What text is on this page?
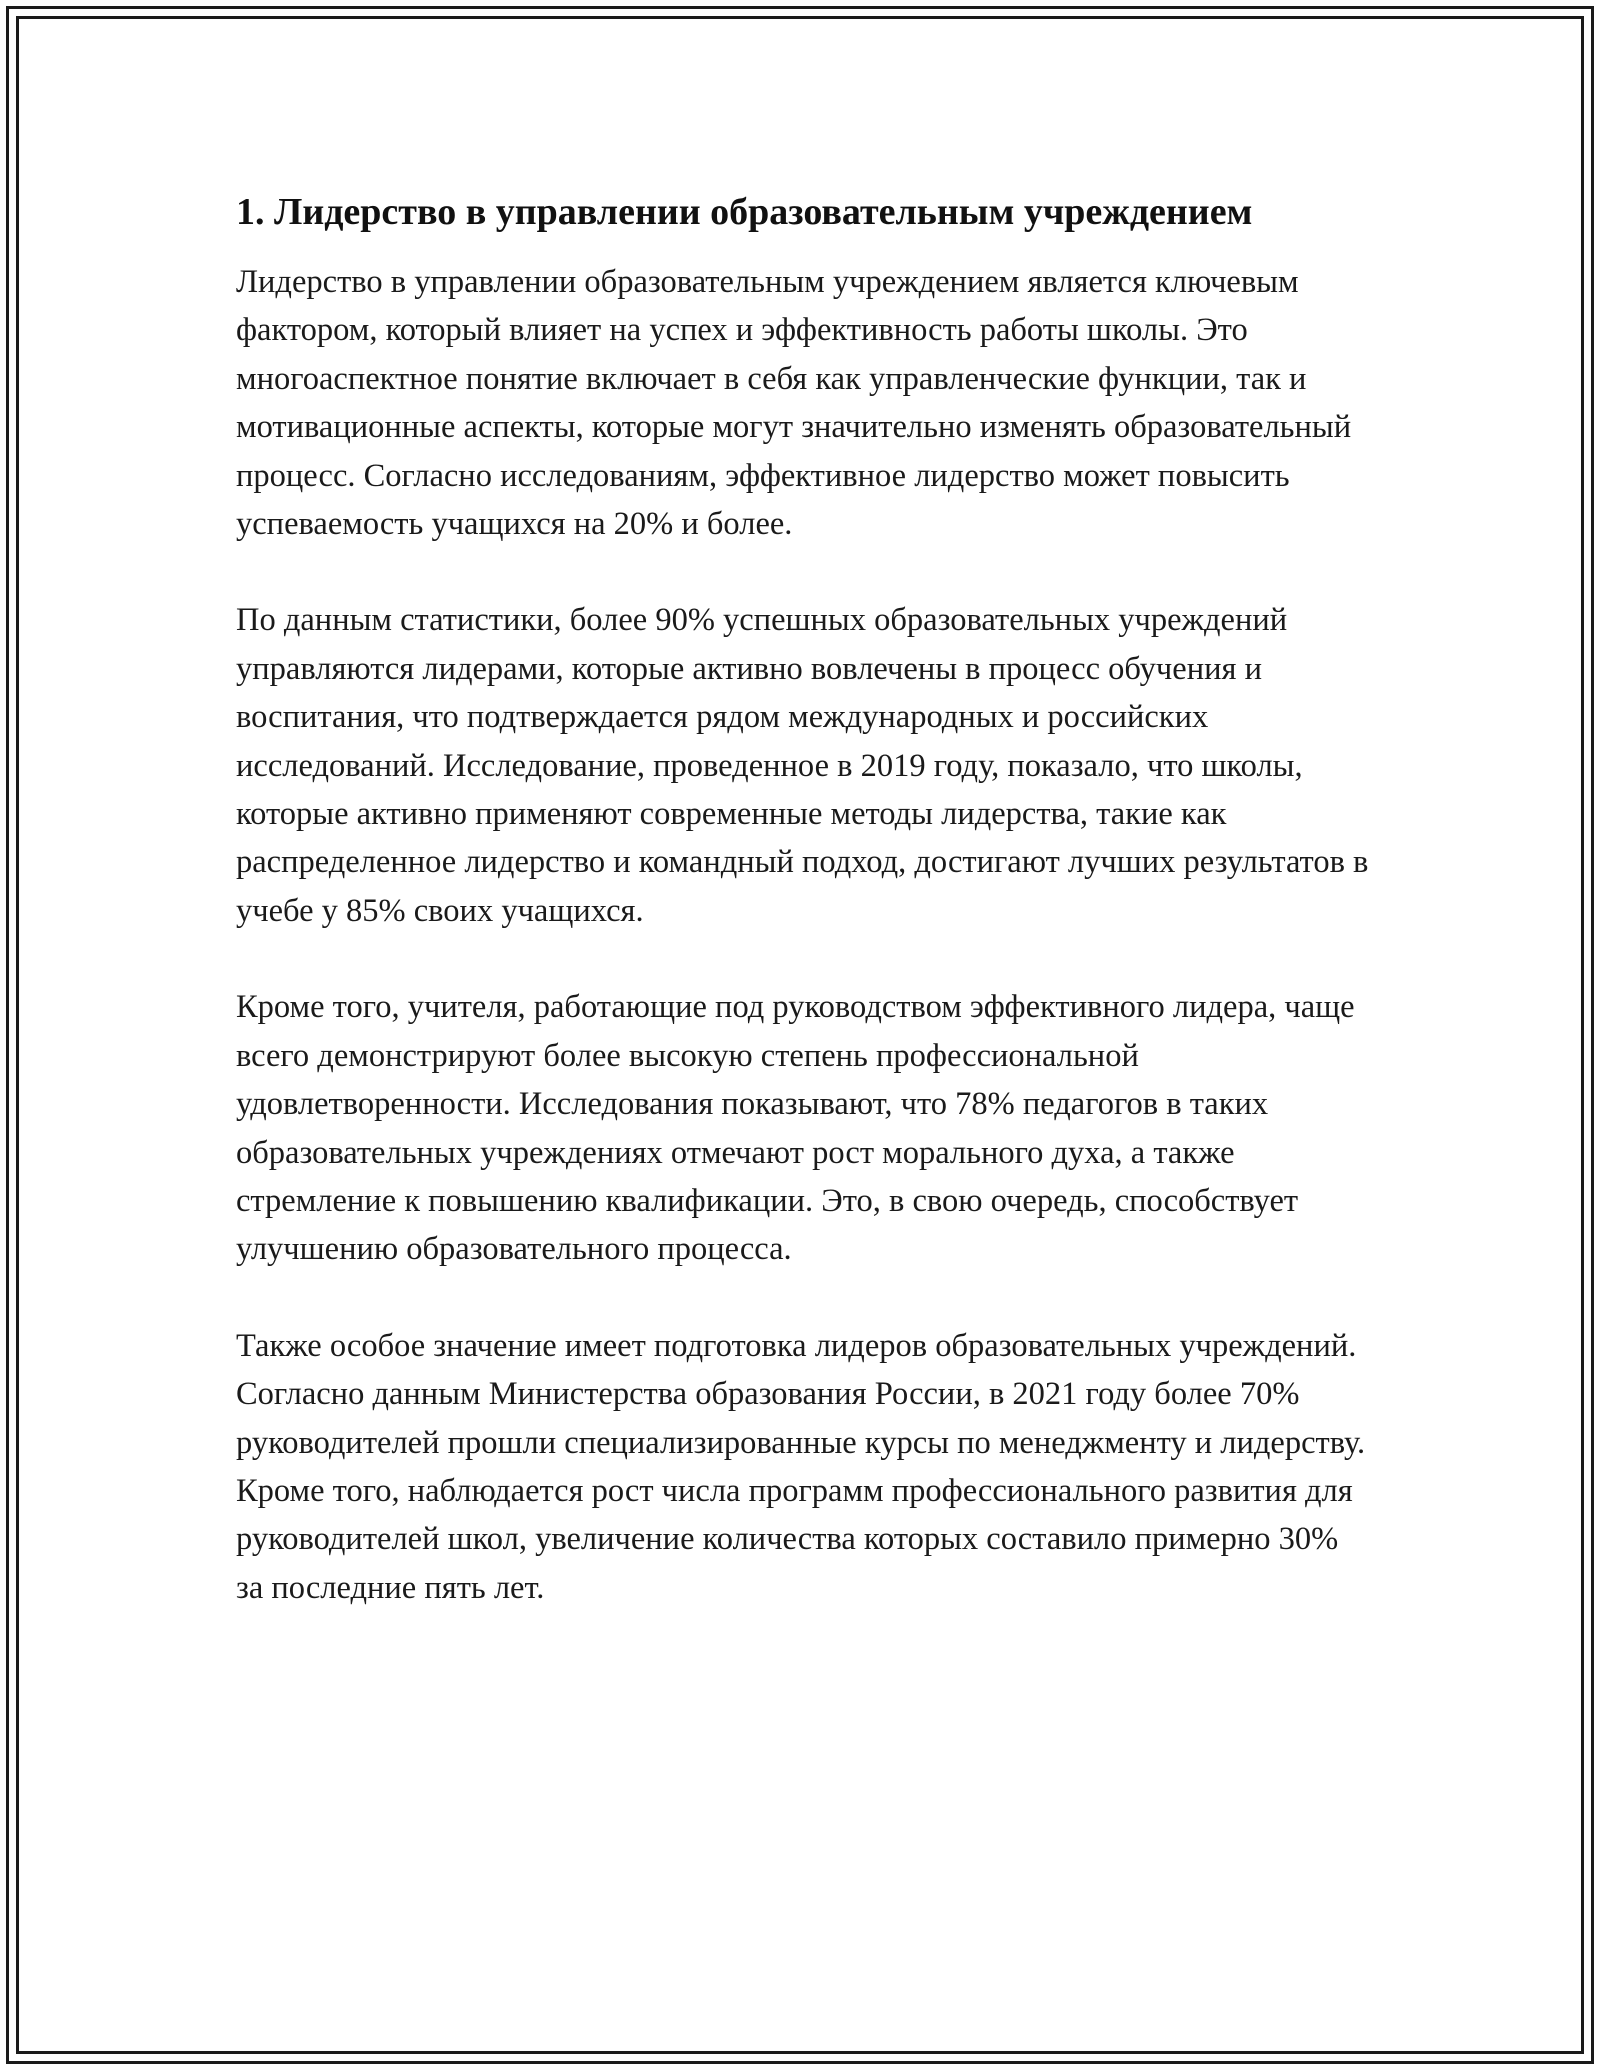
1. Лидерство в управлении образовательным учреждением

Лидерство в управлении образовательным учреждением является ключевым фактором, который влияет на успех и эффективность работы школы. Это многоаспектное понятие включает в себя как управленческие функции, так и мотивационные аспекты, которые могут значительно изменять образовательный процесс. Согласно исследованиям, эффективное лидерство может повысить успеваемость учащихся на 20% и более.

По данным статистики, более 90% успешных образовательных учреждений управляются лидерами, которые активно вовлечены в процесс обучения и воспитания, что подтверждается рядом международных и российских исследований. Исследование, проведенное в 2019 году, показало, что школы, которые активно применяют современные методы лидерства, такие как распределенное лидерство и командный подход, достигают лучших результатов в учебе у 85% своих учащихся.

Кроме того, учителя, работающие под руководством эффективного лидера, чаще всего демонстрируют более высокую степень профессиональной удовлетворенности. Исследования показывают, что 78% педагогов в таких образовательных учреждениях отмечают рост морального духа, а также стремление к повышению квалификации. Это, в свою очередь, способствует улучшению образовательного процесса.

Также особое значение имеет подготовка лидеров образовательных учреждений. Согласно данным Министерства образования России, в 2021 году более 70% руководителей прошли специализированные курсы по менеджменту и лидерству. Кроме того, наблюдается рост числа программ профессионального развития для руководителей школ, увеличение количества которых составило примерно 30% за последние пять лет.
